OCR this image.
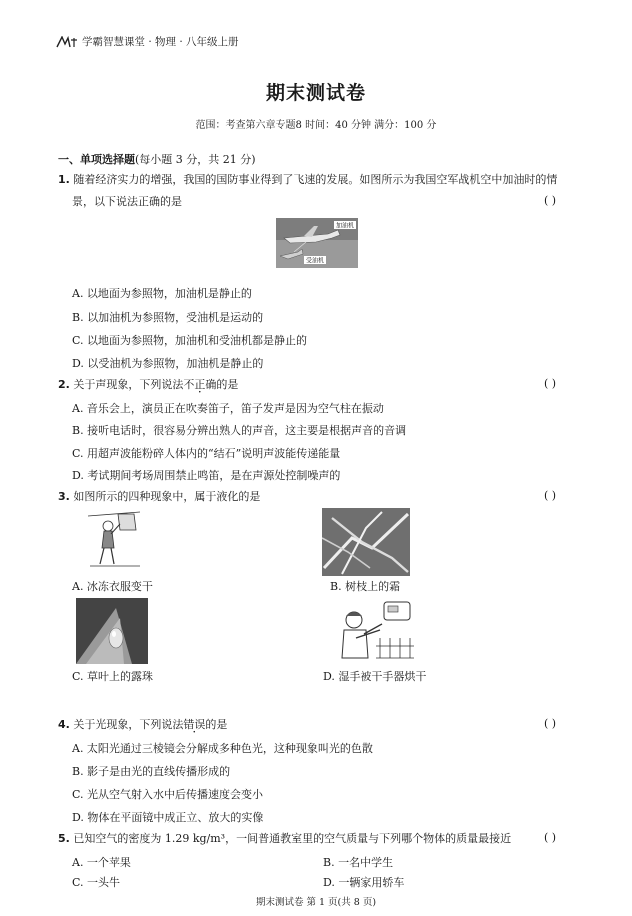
学霸智慧课堂 · 物理 · 八年级上册
期末测试卷
范围：考查第六章专题8 时间：40 分钟 满分：100 分
一、单项选择题(每小题 3 分，共 21 分)
1. 随着经济实力的增强，我国的国防事业得到了飞速的发展。如图所示为我国空军战机空中加油时的情
景，以下说法正确的是	( )
加油机
受油机
A. 以地面为参照物，加油机是静止的
B. 以加油机为参照物，受油机是运动的
C. 以地面为参照物，加油机和受油机都是静止的
D. 以受油机为参照物，加油机是静止的
2. 关于声现象，下列说法不正确的是	( )
A. 音乐会上，演员正在吹奏笛子，笛子发声是因为空气柱在振动
B. 接听电话时，很容易分辨出熟人的声音，这主要是根据声音的音调
C. 用超声波能粉碎人体内的“结石”说明声波能传递能量
D. 考试期间考场周围禁止鸣笛，是在声源处控制噪声的
3. 如图所示的四种现象中，属于液化的是	( )
A. 冰冻衣服变干	B. 树枝上的霜
C. 草叶上的露珠	D. 湿手被干手器烘干
4. 关于光现象，下列说法错误的是	( )
A. 太阳光通过三棱镜会分解成多种色光，这种现象叫光的色散
B. 影子是由光的直线传播形成的
C. 光从空气射入水中后传播速度会变小
D. 物体在平面镜中成正立、放大的实像
5. 已知空气的密度为 1.29 kg/m³，一间普通教室里的空气质量与下列哪个物体的质量最接近	( )
A. 一个苹果	B. 一名中学生
期末测试卷 第 1 页(共 8 页)
C. 一头牛	D. 一辆家用轿车
